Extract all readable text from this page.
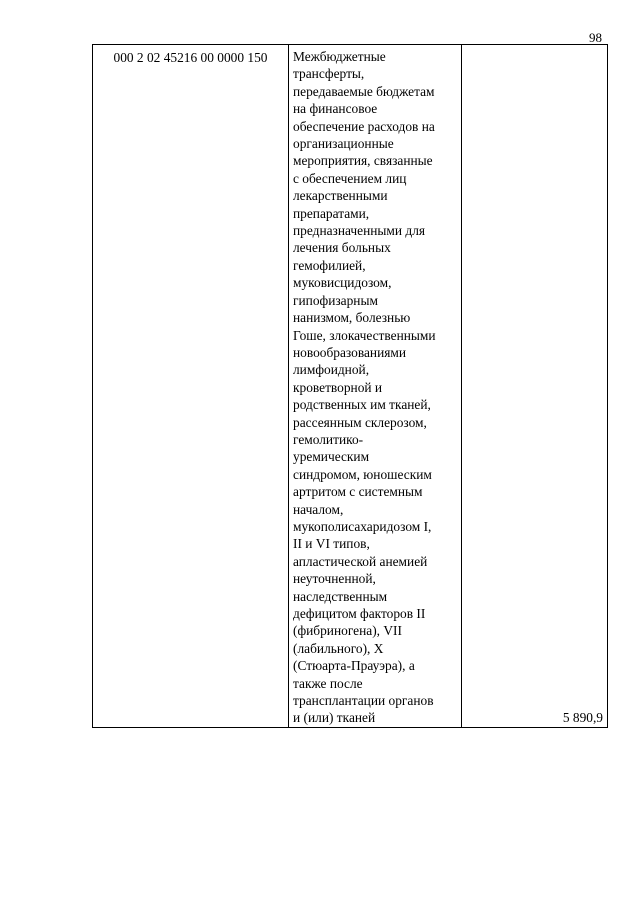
98
000 2 02 45216 00 0000 150	Межбюджетные
трансферты,
передаваемые бюджетам
на финансовое
обеспечение расходов на
организационные
мероприятия, связанные
с обеспечением лиц
лекарственными
препаратами,
предназначенными для
лечения больных
гемофилией,
муковисцидозом,
гипофизарным
нанизмом, болезнью
Гоше, злокачественными
новообразованиями
лимфоидной,
кроветворной и
родственных им тканей,
рассеянным склерозом,
гемолитико-
уремическим
синдромом, юношеским
артритом с системным
началом,
мукополисахаридозом I,
II и VI типов,
апластической анемией
неуточненной,
наследственным
дефицитом факторов II
(фибриногена), VII
(лабильного), X
(Стюарта-Прауэра), а
также после
трансплантации органов
и (или) тканей	5 890,9
